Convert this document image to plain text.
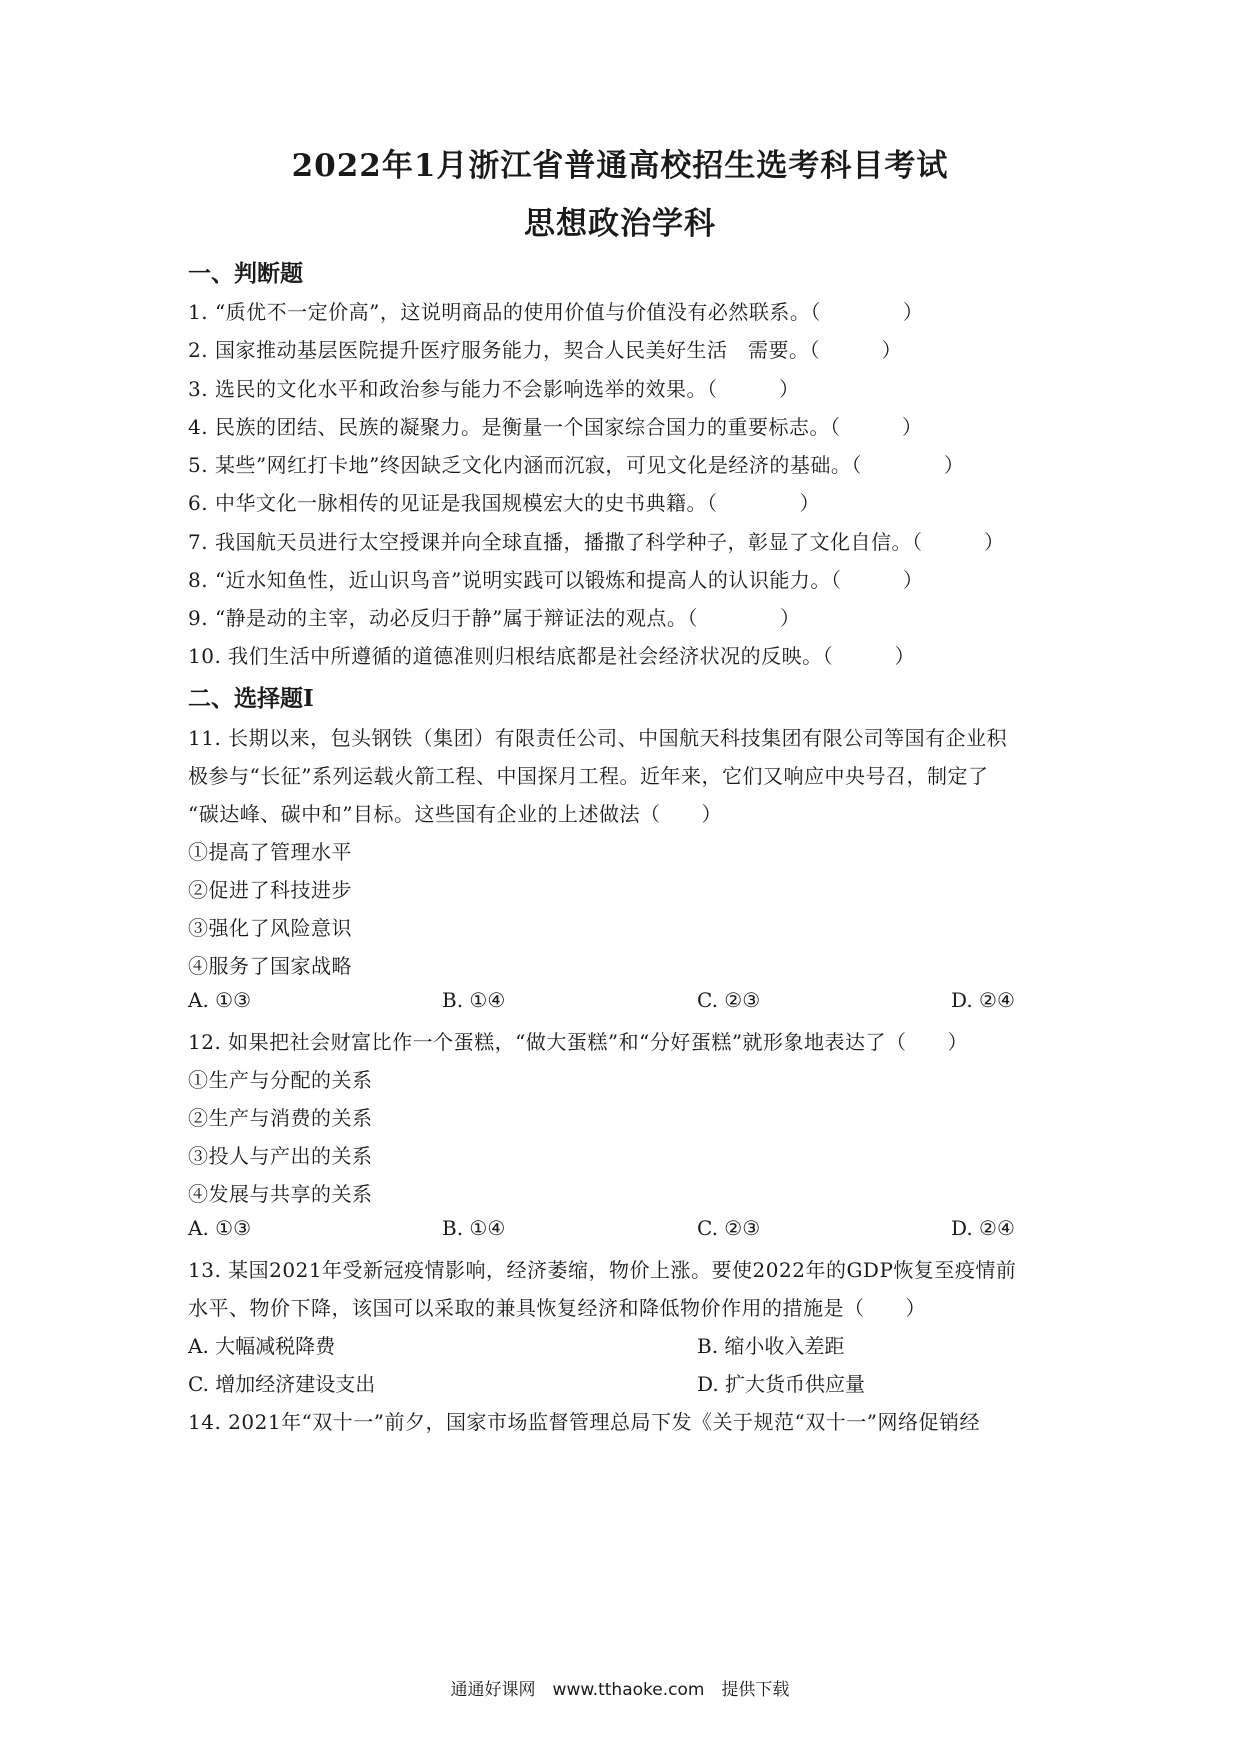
2022年1月浙江省普通高校招生选考科目考试
思想政治学科
一、判断题
1. “质优不一定价高”，这说明商品的使用价值与价值没有必然联系。（　　　　）
2. 国家推动基层医院提升医疗服务能力，契合人民美好生活　需要。（　　　）
3. 选民的文化水平和政治参与能力不会影响选举的效果。（　　　）
4. 民族的团结、民族的凝聚力。是衡量一个国家综合国力的重要标志。（　　　）
5. 某些”网红打卡地”终因缺乏文化内涵而沉寂，可见文化是经济的基础。（　　　　）
6. 中华文化一脉相传的见证是我国规模宏大的史书典籍。（　　　　）
7. 我国航天员进行太空授课并向全球直播，播撒了科学种子，彰显了文化自信。（　　　）
8. “近水知鱼性，近山识鸟音”说明实践可以锻炼和提高人的认识能力。（　　　）
9. “静是动的主宰，动必反归于静”属于辩证法的观点。（　　　　）
10. 我们生活中所遵循的道德准则归根结底都是社会经济状况的反映。（　　　）
二、选择题Ⅰ
11. 长期以来，包头钢铁（集团）有限责任公司、中国航天科技集团有限公司等国有企业积
极参与“长征”系列运载火箭工程、中国探月工程。近年来，它们又响应中央号召，制定了
“碳达峰、碳中和”目标。这些国有企业的上述做法（　　）
①提高了管理水平
②促进了科技进步
③强化了风险意识
④服务了国家战略
A. ①③	B. ①④	C. ②③	D. ②④
12. 如果把社会财富比作一个蛋糕，“做大蛋糕”和“分好蛋糕”就形象地表达了（　　）
①生产与分配的关系
②生产与消费的关系
③投人与产出的关系
④发展与共享的关系
A. ①③	B. ①④	C. ②③	D. ②④
13. 某国2021年受新冠疫情影响，经济萎缩，物价上涨。要使2022年的GDP恢复至疫情前
水平、物价下降，该国可以采取的兼具恢复经济和降低物价作用的措施是（　　）
A. 大幅减税降费	B. 缩小收入差距
C. 增加经济建设支出	D. 扩大货币供应量
14. 2021年“双十一”前夕，国家市场监督管理总局下发《关于规范“双十一”网络促销经
通通好课网　www.tthaoke.com　提供下载
